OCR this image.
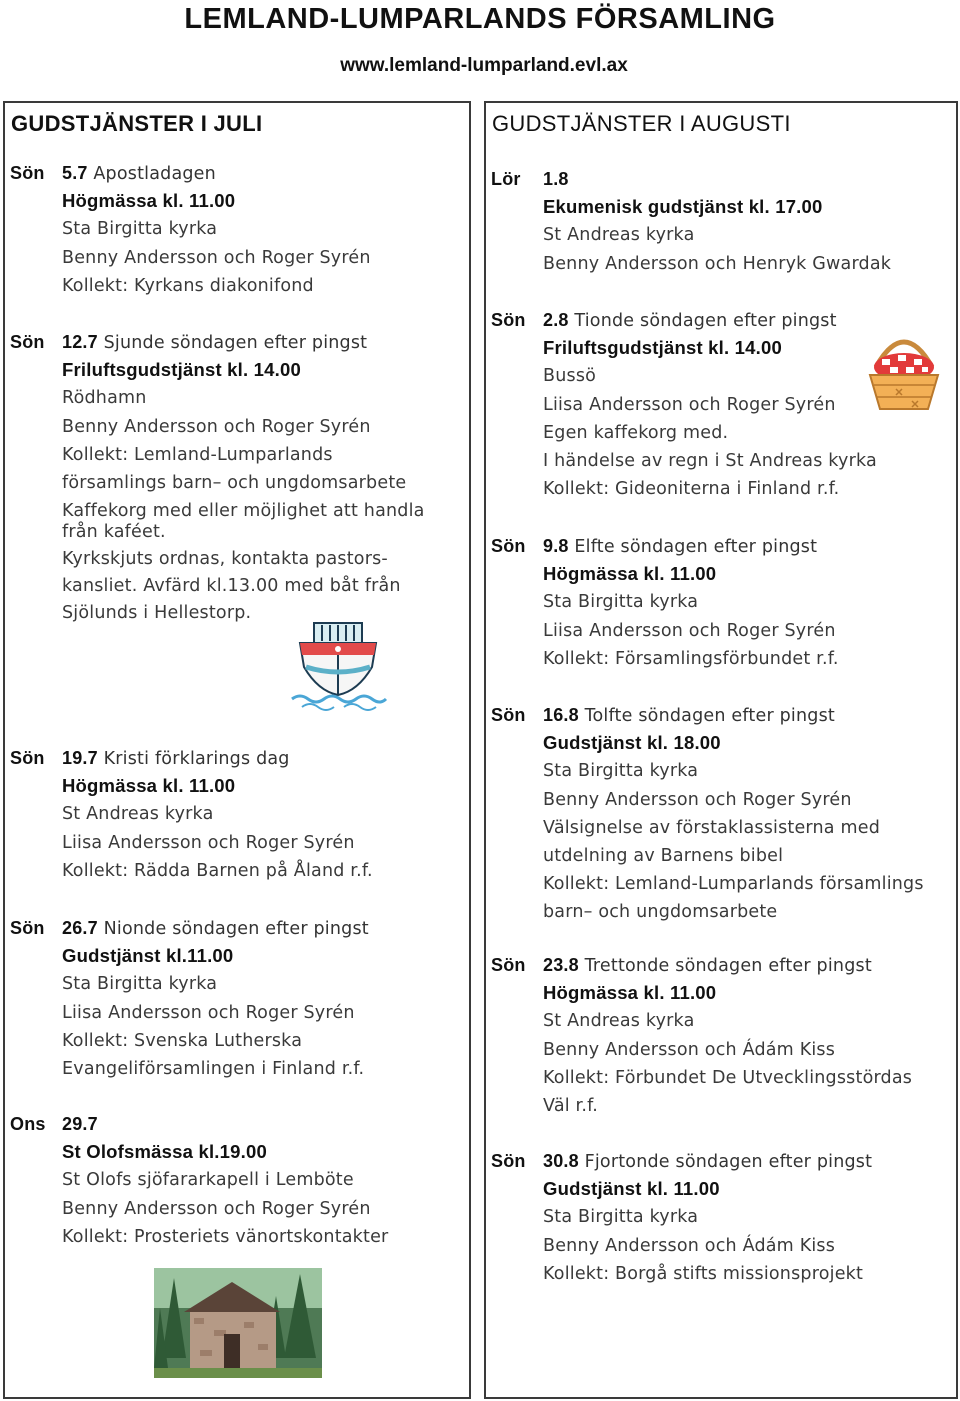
LEMLAND-LUMPARLANDS FÖRSAMLING
www.lemland-lumparland.evl.ax
GUDSTJÄNSTER I JULI
Sön 5.7 Apostladagen
Högmässa kl. 11.00
Sta Birgitta kyrka
Benny Andersson och Roger Syrén
Kollekt: Kyrkans diakonifond
Sön 12.7 Sjunde söndagen efter pingst
Friluftsgudstjänst kl. 14.00
Rödhamn
Benny Andersson och Roger Syrén
Kollekt: Lemland-Lumparlands
församlings barn– och ungdomsarbete
Kaffekorg med eller möjlighet att handla
från kaféet.
Kyrkskjuts ordnas, kontakta pastors-
kansliet. Avfärd kl.13.00 med båt från
Sjölunds i Hellestorp.
Sön 19.7 Kristi förklarings dag
Högmässa kl. 11.00
St Andreas kyrka
Liisa Andersson och Roger Syrén
Kollekt: Rädda Barnen på Åland r.f.
Sön 26.7 Nionde söndagen efter pingst
Gudstjänst kl.11.00
Sta Birgitta kyrka
Liisa Andersson och Roger Syrén
Kollekt: Svenska Lutherska
Evangeliförsamlingen i Finland r.f.
Ons 29.7
St Olofsmässa kl.19.00
St Olofs sjöfararkapell i Lemböte
Benny Andersson och Roger Syrén
Kollekt: Prosteriets vänortskontakter
GUDSTJÄNSTER I AUGUSTI
Lör 1.8
Ekumenisk gudstjänst kl. 17.00
St Andreas kyrka
Benny Andersson och Henryk Gwardak
Sön 2.8 Tionde söndagen efter pingst
Friluftsgudstjänst kl. 14.00
Bussö
Liisa Andersson och Roger Syrén
Egen kaffekorg med.
I händelse av regn i St Andreas kyrka
Kollekt: Gideoniterna i Finland r.f.
Sön 9.8 Elfte söndagen efter pingst
Högmässa kl. 11.00
Sta Birgitta kyrka
Liisa Andersson och Roger Syrén
Kollekt: Församlingsförbundet r.f.
Sön 16.8 Tolfte söndagen efter pingst
Gudstjänst kl. 18.00
Sta Birgitta kyrka
Benny Andersson och Roger Syrén
Välsignelse av förstaklassisterna med
utdelning av Barnens bibel
Kollekt: Lemland-Lumparlands församlings
barn– och ungdomsarbete
Sön 23.8 Trettonde söndagen efter pingst
Högmässa kl. 11.00
St Andreas kyrka
Benny Andersson och Ádám Kiss
Kollekt: Förbundet De Utvecklingsstördas
Väl r.f.
Sön 30.8 Fjortonde söndagen efter pingst
Gudstjänst kl. 11.00
Sta Birgitta kyrka
Benny Andersson och Ádám Kiss
Kollekt: Borgå stifts missionsprojekt
